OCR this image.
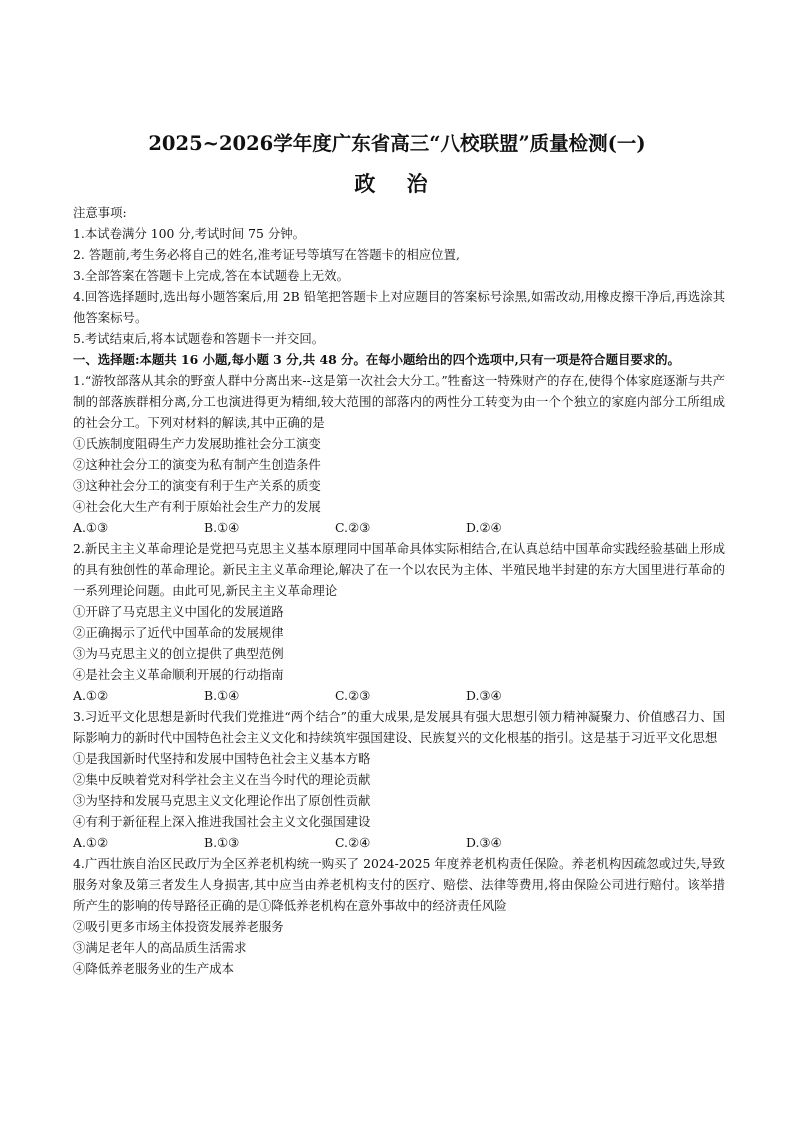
2025~2026学年度广东省高三“八校联盟”质量检测(一)
政 治
注意事项:
1.本试卷满分 100 分,考试时间 75 分钟。
2. 答题前,考生务必将自己的姓名,准考证号等填写在答题卡的相应位置,
3.全部答案在答题卡上完成,答在本试题卷上无效。
4.回答选择题时,选出每小题答案后,用 2B 铅笔把答题卡上对应题目的答案标号涂黑,如需改动,用橡皮擦干净后,再选涂其他答案标号。
5.考试结束后,将本试题卷和答题卡一并交回。
一、选择题:本题共 16 小题,每小题 3 分,共 48 分。在每小题给出的四个选项中,只有一项是符合题目要求的。
1.“游牧部落从其余的野蛮人群中分离出来--这是第一次社会大分工。”牲畜这一特殊财产的存在,使得个体家庭逐渐与共产制的部落族群相分离,分工也演进得更为精细,较大范围的部落内的两性分工转变为由一个个独立的家庭内部分工所组成的社会分工。下列对材料的解读,其中正确的是
①氏族制度阻碍生产力发展助推社会分工演变
②这种社会分工的演变为私有制产生创造条件
③这种社会分工的演变有利于生产关系的质变
④社会化大生产有利于原始社会生产力的发展
A.①③	B.①④	C.②③	D.②④
2.新民主主义革命理论是党把马克思主义基本原理同中国革命具体实际相结合,在认真总结中国革命实践经验基础上形成的具有独创性的革命理论。新民主主义革命理论,解决了在一个以农民为主体、半殖民地半封建的东方大国里进行革命的一系列理论问题。由此可见,新民主主义革命理论
①开辟了马克思主义中国化的发展道路
②正确揭示了近代中国革命的发展规律
③为马克思主义的创立提供了典型范例
④是社会主义革命顺利开展的行动指南
A.①②	B.①④	C.②③	D.③④
3.习近平文化思想是新时代我们党推进“两个结合”的重大成果,是发展具有强大思想引领力精神凝聚力、价值感召力、国际影响力的新时代中国特色社会主义文化和持续筑牢强国建设、民族复兴的文化根基的指引。这是基于习近平文化思想
①是我国新时代坚持和发展中国特色社会主义基本方略
②集中反映着党对科学社会主义在当今时代的理论贡献
③为坚持和发展马克思主义文化理论作出了原创性贡献
④有利于新征程上深入推进我国社会主义文化强国建设
A.①②	B.①③	C.②④	D.③④
4.广西壮族自治区民政厅为全区养老机构统一购买了 2024-2025 年度养老机构责任保险。养老机构因疏忽或过失,导致服务对象及第三者发生人身损害,其中应当由养老机构支付的医疗、赔偿、法律等费用,将由保险公司进行赔付。该举措所产生的影响的传导路径正确的是①降低养老机构在意外事故中的经济责任风险
②吸引更多市场主体投资发展养老服务
③满足老年人的高品质生活需求
④降低养老服务业的生产成本
